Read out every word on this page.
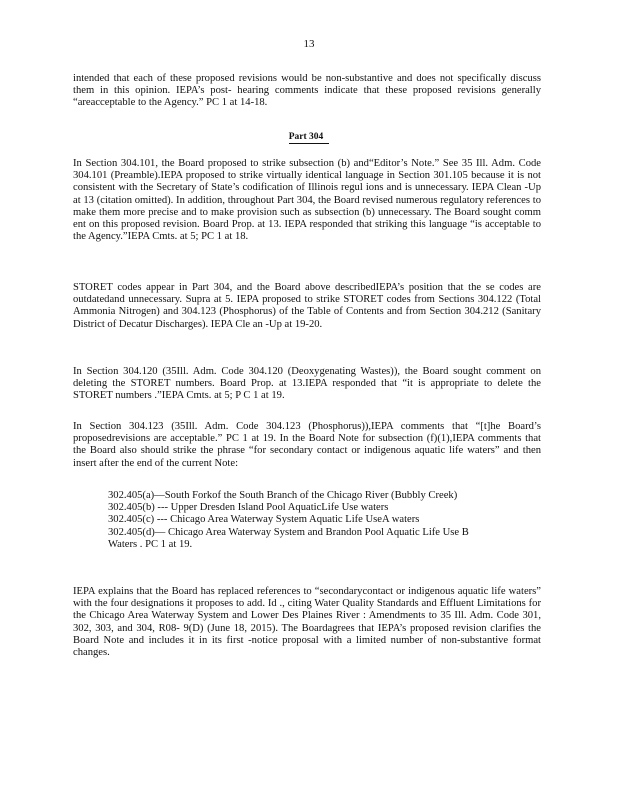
13

intended that each of these proposed revisions would be non-substantive and does not specifically discuss them in this opinion. IEPA’s post- hearing comments indicate that these proposed revisions generally “areacceptable to the Agency.” PC 1 at 14-18.

Part 304

In Section 304.101, the Board proposed to strike subsection (b) and“Editor’s Note.” See 35 Ill. Adm. Code 304.101 (Preamble).IEPA proposed to strike virtually identical language in Section 301.105 because it is not consistent with the Secretary of State’s codification of Illinois regul ions and is unnecessary. IEPA Clean -Up at 13 (citation omitted). In addition, throughout Part 304, the Board revised numerous regulatory references to make them more precise and to make provision such as subsection (b) unnecessary. The Board sought comm ent on this proposed revision. Board Prop. at 13. IEPA responded that striking this language “is acceptable to the Agency.”IEPA Cmts. at 5; PC 1 at 18.

STORET codes appear in Part 304, and the Board above describedIEPA’s position that the se codes are outdatedand unnecessary. Supra at 5. IEPA proposed to strike STORET codes from Sections 304.122 (Total Ammonia Nitrogen) and 304.123 (Phosphorus) of the Table of Contents and from Section 304.212 (Sanitary District of Decatur Discharges). IEPA Cle an -Up at 19-20.

In Section 304.120 (35Ill. Adm. Code 304.120 (Deoxygenating Wastes)), the Board sought comment on deleting the STORET numbers. Board Prop. at 13.IEPA responded that “it is appropriate to delete the STORET numbers .”IEPA Cmts. at 5; P C 1 at 19.

In Section 304.123 (35Ill. Adm. Code 304.123 (Phosphorus)),IEPA comments that “[t]he Board’s proposedrevisions are acceptable.” PC 1 at 19. In the Board Note for subsection (f)(1),IEPA comments that the Board also should strike the phrase “for secondary contact or indigenous aquatic life waters” and then insert after the end of the current Note:

302.405(a)—South Forkof the South Branch of the Chicago River (Bubbly Creek)
302.405(b) --- Upper Dresden Island Pool AquaticLife Use waters
302.405(c) --- Chicago Area Waterway System Aquatic Life UseA waters
302.405(d)— Chicago Area Waterway System and Brandon Pool Aquatic Life Use B Waters . PC 1 at 19.

IEPA explains that the Board has replaced references to “secondarycontact or indigenous aquatic life waters” with the four designations it proposes to add. Id ., citing Water Quality Standards and Effluent Limitations for the Chicago Area Waterway System and Lower Des Plaines River : Amendments to 35 Ill. Adm. Code 301, 302, 303, and 304, R08- 9(D) (June 18, 2015). The Boardagrees that IEPA’s proposed revision clarifies the Board Note and includes it in its first -notice proposal with a limited number of non-substantive format changes.
